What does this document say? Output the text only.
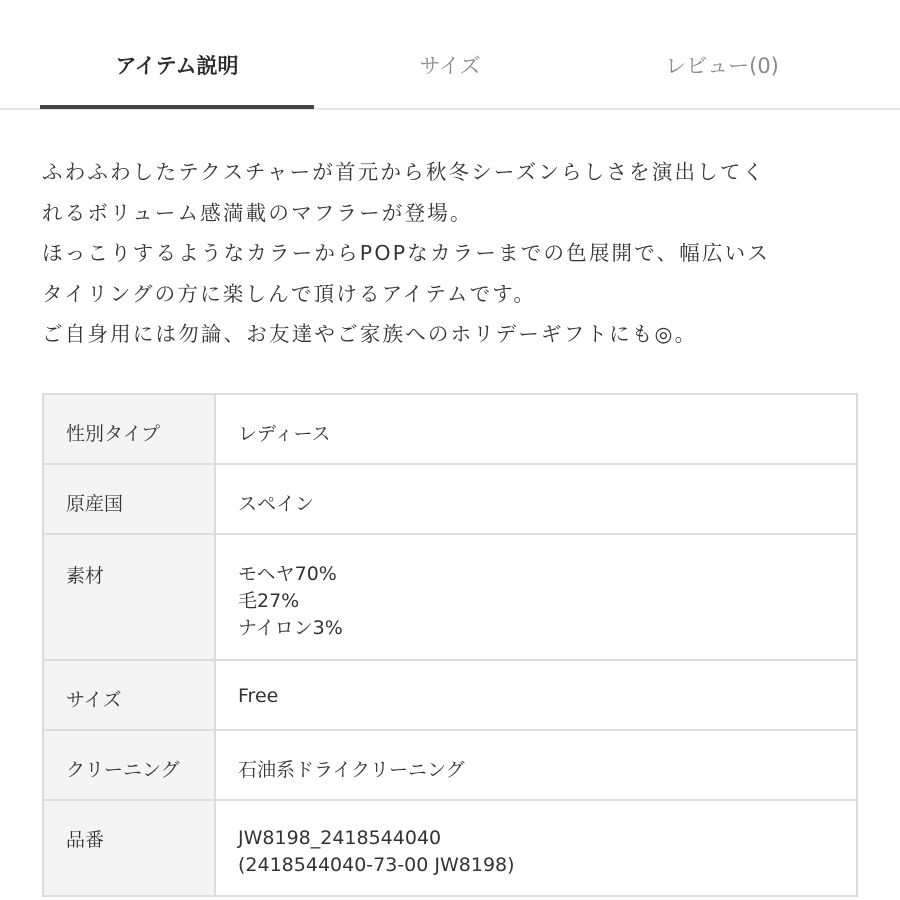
アイテム説明	サイズ	レビュー(0)

ふわふわしたテクスチャーが首元から秋冬シーズンらしさを演出してく

れるボリューム感満載のマフラーが登場。

ほっこりするようなカラーからPOPなカラーまでの色展開で、幅広いス

タイリングの方に楽しんで頂けるアイテムです。

ご自身用には勿論、お友達やご家族へのホリデーギフトにも◎。

性別タイプ	レディース

原産国	スペイン

素材	モヘヤ70%
毛27%
ナイロン3%

サイズ	Free

クリーニング	石油系ドライクリーニング

品番	JW8198_2418544040
(2418544040-73-00 JW8198)
